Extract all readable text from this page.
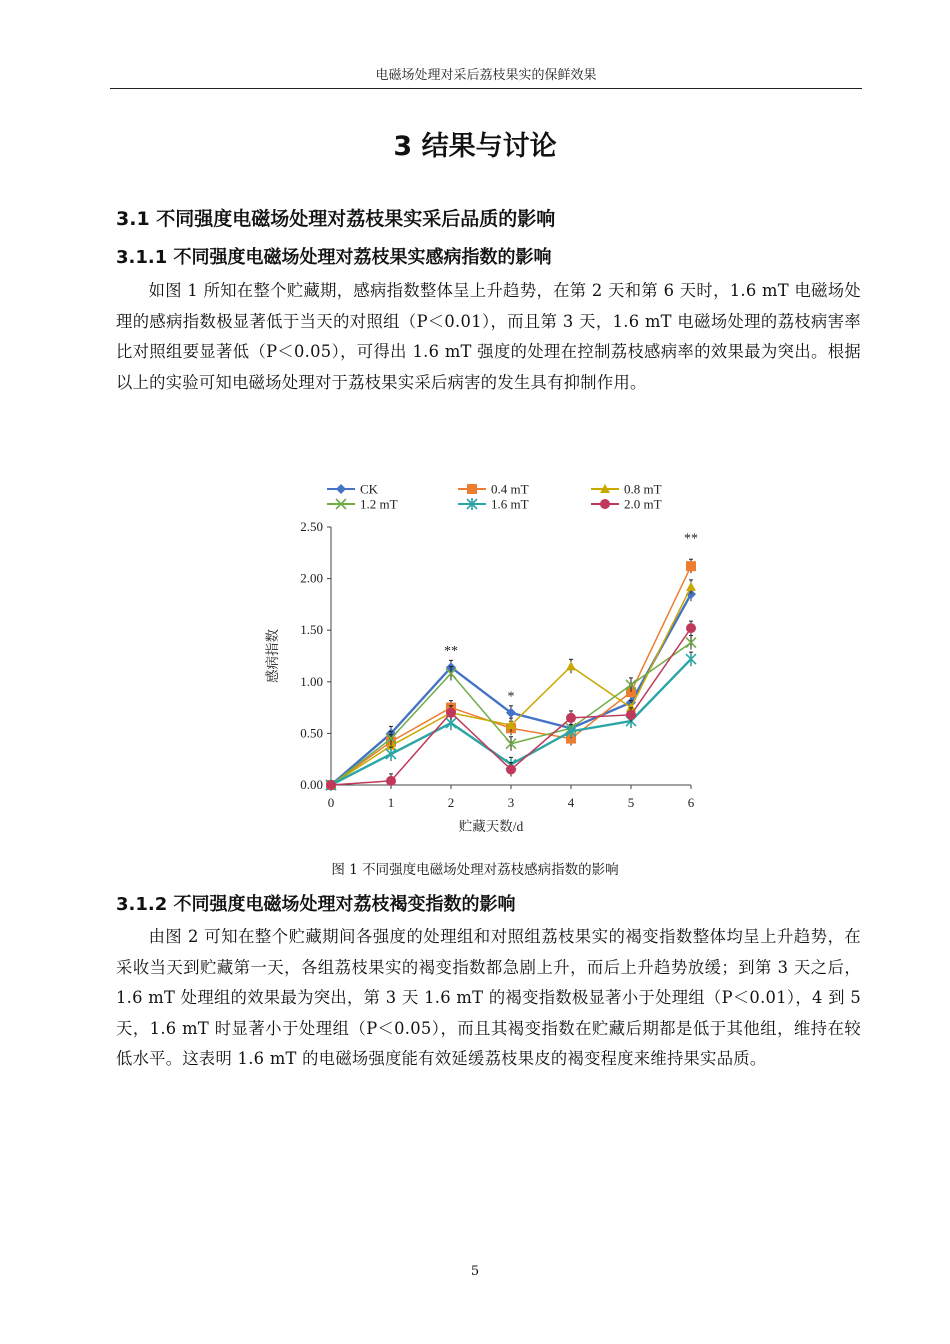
电磁场处理对采后荔枝果实的保鲜效果
3 结果与讨论
3.1 不同强度电磁场处理对荔枝果实采后品质的影响
3.1.1 不同强度电磁场处理对荔枝果实感病指数的影响
如图 1 所知在整个贮藏期，感病指数整体呈上升趋势，在第 2 天和第 6 天时，1.6 mT 电磁场处理的感病指数极显著低于当天的对照组（P＜0.01），而且第 3 天，1.6 mT 电磁场处理的荔枝病害率比对照组要显著低（P＜0.05），可得出 1.6 mT 强度的处理在控制荔枝感病率的效果最为突出。根据以上的实验可知电磁场处理对于荔枝果实采后病害的发生具有抑制作用。
0.00
0.50
1.00
1.50
2.00
2.50
0	1	2	3	4	5	6
贮藏天数/d
感病指数	**
*
**
CK	0.4 mT	0.8 mT
1.2 mT	1.6 mT	2.0 mT
图 1 不同强度电磁场处理对荔枝感病指数的影响
3.1.2 不同强度电磁场处理对荔枝褐变指数的影响
由图 2 可知在整个贮藏期间各强度的处理组和对照组荔枝果实的褐变指数整体均呈上升趋势，在采收当天到贮藏第一天，各组荔枝果实的褐变指数都急剧上升，而后上升趋势放缓；到第 3 天之后，1.6 mT 处理组的效果最为突出，第 3 天 1.6 mT 的褐变指数极显著小于处理组（P＜0.01），4 到 5 天，1.6 mT 时显著小于处理组（P＜0.05），而且其褐变指数在贮藏后期都是低于其他组，维持在较低水平。这表明 1.6 mT 的电磁场强度能有效延缓荔枝果皮的褐变程度来维持果实品质。
5
